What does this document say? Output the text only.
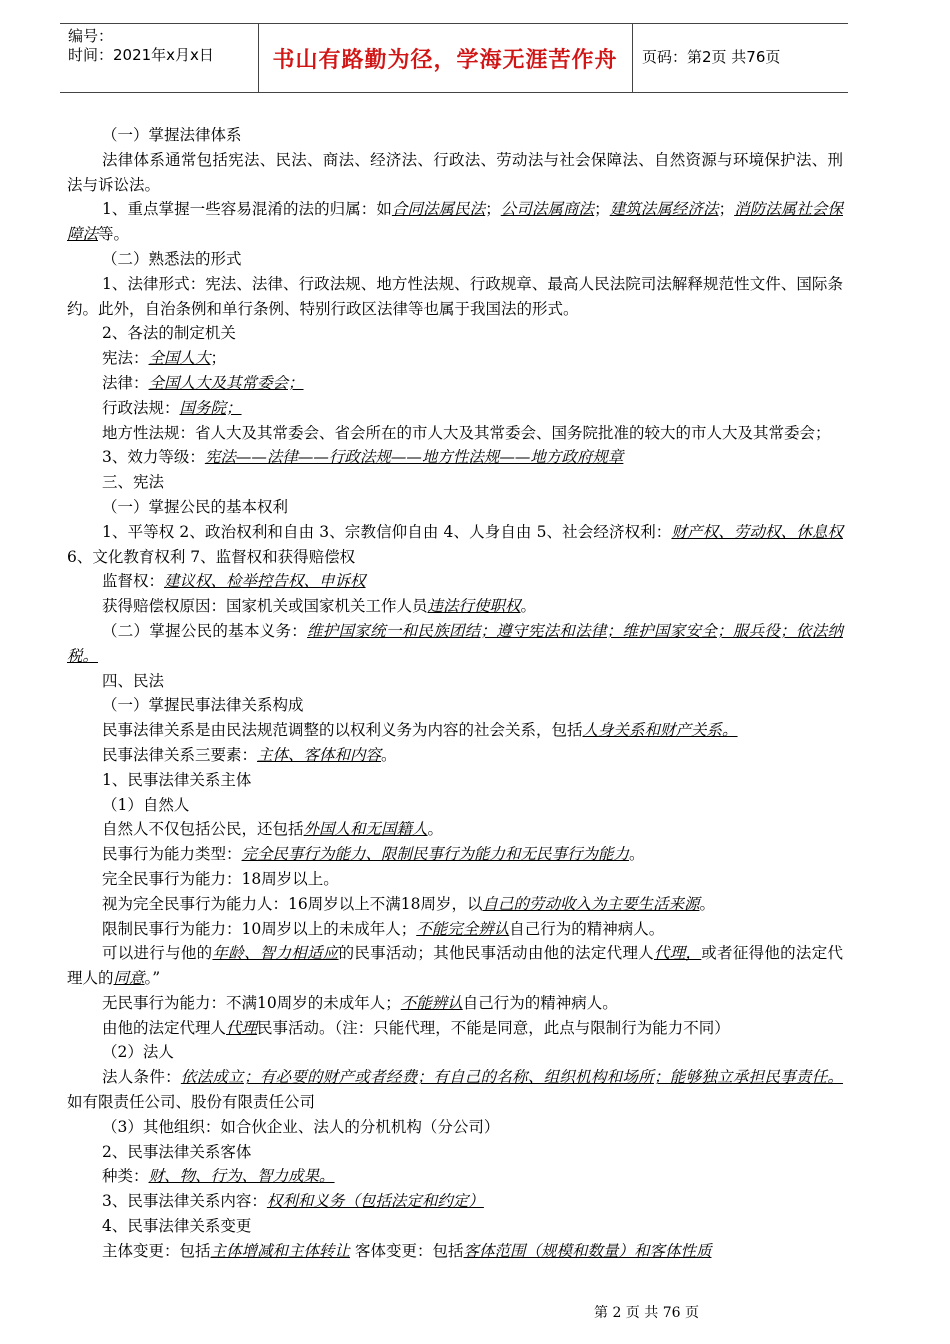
编号：
时间：2021年x月x日	书山有路勤为径，学海无涯苦作舟	页码：第2页 共76页

（一）掌握法律体系

法律体系通常包括宪法、民法、商法、经济法、行政法、劳动法与社会保障法、自然资源与环境保护法、刑法与诉讼法。

1、重点掌握一些容易混淆的法的归属：如合同法属民法；公司法属商法；建筑法属经济法；消防法属社会保障法等。

（二）熟悉法的形式

1、法律形式：宪法、法律、行政法规、地方性法规、行政规章、最高人民法院司法解释规范性文件、国际条约。此外，自治条例和单行条例、特别行政区法律等也属于我国法的形式。

2、各法的制定机关

宪法：全国人大；

法律：全国人大及其常委会；

行政法规：国务院；

地方性法规：省人大及其常委会、省会所在的市人大及其常委会、国务院批准的较大的市人大及其常委会；

3、效力等级：宪法——法律——行政法规——地方性法规——地方政府规章

三、宪法

（一）掌握公民的基本权利

1、平等权 2、政治权利和自由 3、宗教信仰自由 4、人身自由 5、社会经济权利：财产权、劳动权、休息权 6、文化教育权利 7、监督权和获得赔偿权

监督权：建议权、检举控告权、申诉权

获得赔偿权原因：国家机关或国家机关工作人员违法行使职权。

（二）掌握公民的基本义务：维护国家统一和民族团结；遵守宪法和法律；维护国家安全；服兵役；依法纳税。

四、民法

（一）掌握民事法律关系构成

民事法律关系是由民法规范调整的以权利义务为内容的社会关系，包括人身关系和财产关系。

民事法律关系三要素：主体、客体和内容。

1、民事法律关系主体

（1）自然人

自然人不仅包括公民，还包括外国人和无国籍人。

民事行为能力类型：完全民事行为能力、限制民事行为能力和无民事行为能力。

完全民事行为能力：18周岁以上。

视为完全民事行为能力人：16周岁以上不满18周岁，以自己的劳动收入为主要生活来源。

限制民事行为能力：10周岁以上的未成年人；不能完全辨认自己行为的精神病人。

可以进行与他的年龄、智力相适应的民事活动；其他民事活动由他的法定代理人代理，或者征得他的法定代理人的同意。”

无民事行为能力：不满10周岁的未成年人；不能辨认自己行为的精神病人。

由他的法定代理人代理民事活动。（注：只能代理，不能是同意，此点与限制行为能力不同）

（2）法人

法人条件：依法成立；有必要的财产或者经费；有自己的名称、组织机构和场所；能够独立承担民事责任。如有限责任公司、股份有限责任公司

（3）其他组织：如合伙企业、法人的分机机构（分公司）

2、民事法律关系客体

种类：财、物、行为、智力成果。

3、民事法律关系内容：权利和义务（包括法定和约定）

4、民事法律关系变更

主体变更：包括主体增减和主体转让 客体变更：包括客体范围（规模和数量）和客体性质

第 2 页 共 76 页
